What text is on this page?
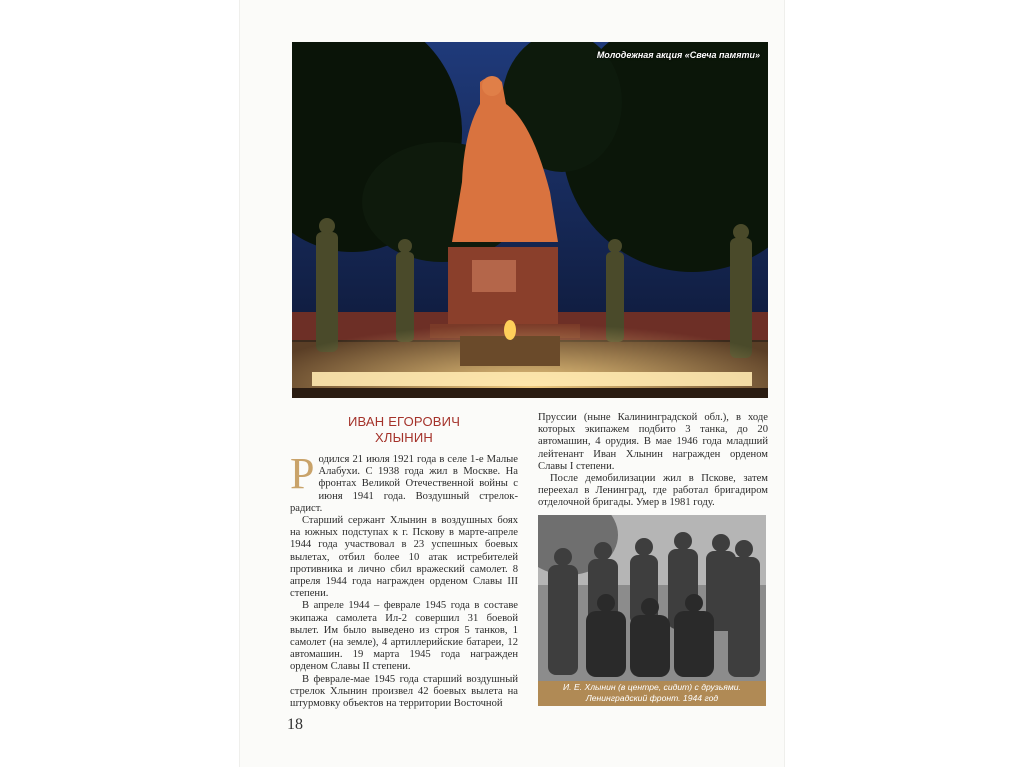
Молодежная акция «Свеча памяти»
ИВАН ЕГОРОВИЧ
ХЛЫНИН

Родился 21 июля 1921 года в селе 1-е Малые Алабухи. С 1938 года жил в Москве. На фронтах Великой Отечественной войны с июня 1941 года. Воздушный стрелок-радист.

Старший сержант Хлынин в воздушных боях на южных подступах к г. Пскову в марте-апреле 1944 года участвовал в 23 успешных боевых вылетах, отбил более 10 атак истребителей противника и лично сбил вражеский самолет. 8 апреля 1944 года награжден орденом Славы III степени.

В апреле 1944 – феврале 1945 года в составе экипажа самолета Ил-2 совершил 31 боевой вылет. Им было выведено из строя 5 танков, 1 самолет (на земле), 4 артиллерийские батареи, 12 автомашин. 19 марта 1945 года награжден орденом Славы II степени.

В феврале-мае 1945 года старший воздушный стрелок Хлынин произвел 42 боевых вылета на штурмовку объектов на территории Восточной

Пруссии (ныне Калининградской обл.), в ходе которых экипажем подбито 3 танка, до 20 автомашин, 4 орудия. В мае 1946 года младший лейтенант Иван Хлынин награжден орденом Славы I степени.

После демобилизации жил в Пскове, затем переехал в Ленинград, где работал бригадиром отделочной бригады. Умер в 1981 году.

И. Е. Хлынин (в центре, сидит) с друзьями.
Ленинградский фронт. 1944 год
18
